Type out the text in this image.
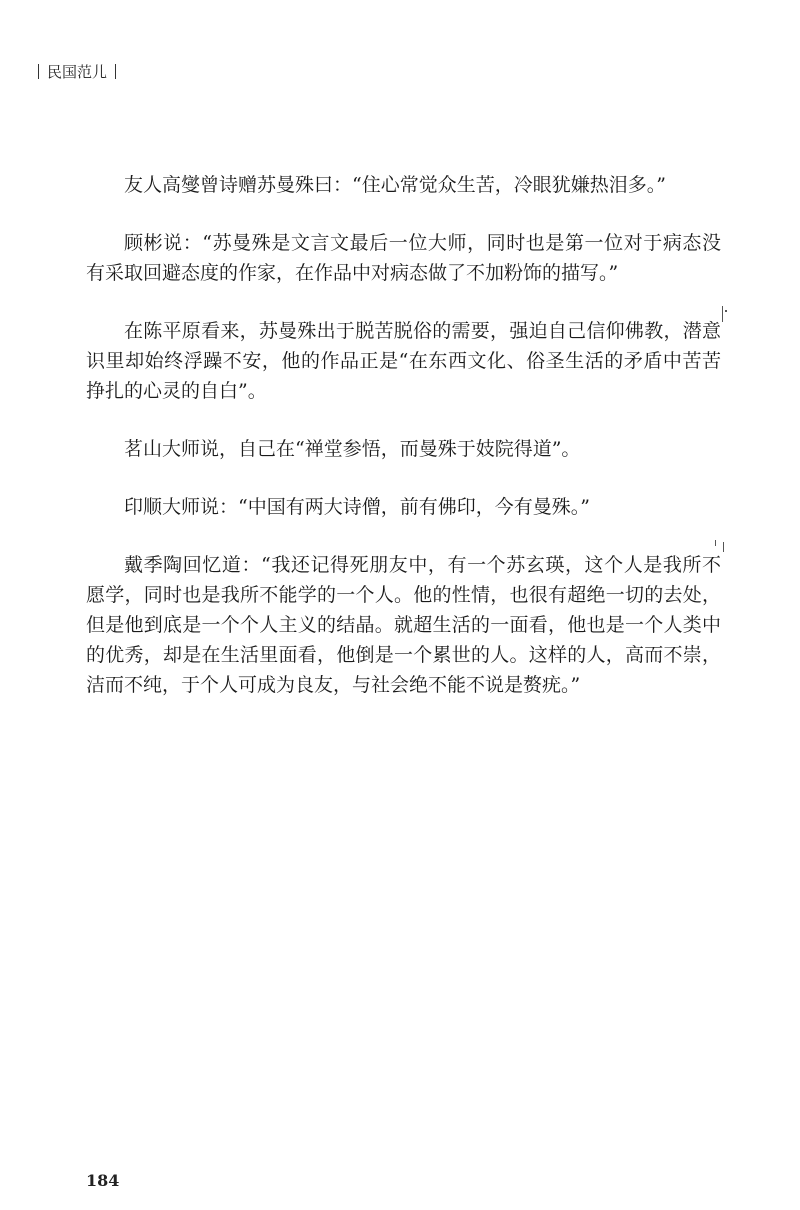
民国范儿

友人高燮曾诗赠苏曼殊曰：“住心常觉众生苦，冷眼犹嫌热泪多。”

顾彬说：“苏曼殊是文言文最后一位大师，同时也是第一位对于病态没有采取回避态度的作家，在作品中对病态做了不加粉饰的描写。”

在陈平原看来，苏曼殊出于脱苦脱俗的需要，强迫自己信仰佛教，潜意识里却始终浮躁不安，他的作品正是“在东西文化、俗圣生活的矛盾中苦苦挣扎的心灵的自白”。

茗山大师说，自己在“禅堂参悟，而曼殊于妓院得道”。

印顺大师说：“中国有两大诗僧，前有佛印，今有曼殊。”

戴季陶回忆道：“我还记得死朋友中，有一个苏玄瑛，这个人是我所不愿学，同时也是我所不能学的一个人。他的性情，也很有超绝一切的去处，但是他到底是一个个人主义的结晶。就超生活的一面看，他也是一个人类中的优秀，却是在生活里面看，他倒是一个累世的人。这样的人，高而不崇，洁而不纯，于个人可成为良友，与社会绝不能不说是赘疣。”

184
